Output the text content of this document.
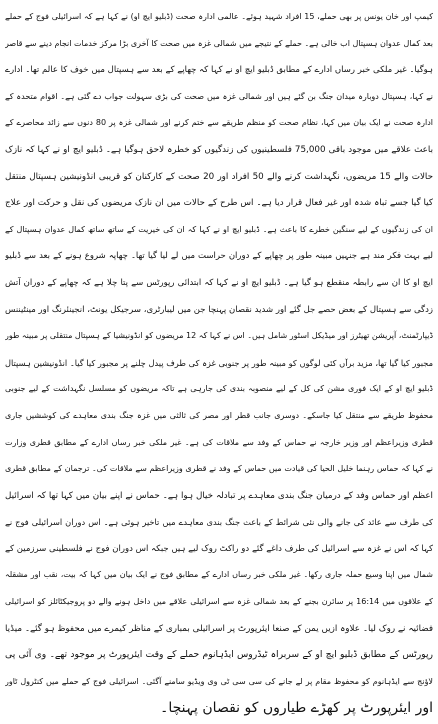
کیمپ اور خان یونس پر بھی حملے، 15 افراد شہید ہوئے۔ عالمی ادارہ صحت (ڈبلیو ایچ او) نے کہا ہے کہ اسرائیلی فوج کے حملے
بعد کمال عدوان ہسپتال اب خالی ہے۔ حملے کے نتیجے میں شمالی غزہ میں صحت کا آخری بڑا مرکز خدمات انجام دینے سے قاصر
ہوگیا۔ غیر ملکی خبر رساں ادارے کے مطابق ڈبلیو ایچ او نے کہا کہ چھاپے کے بعد سے ہسپتال میں خوف کا عالم تھا۔ ادارے
نے کہا، ہسپتال دوبارہ میدان جنگ بن گئے ہیں اور شمالی غزہ میں صحت کی بڑی سہولت جواب دے گئی ہے۔ اقوام متحدہ کے
ادارہ صحت نے ایک بیان میں کہا، نظام صحت کو منظم طریقے سے ختم کرنے اور شمالی غزہ پر 80 دنوں سے زائد محاصرے کے
باعث علاقے میں موجود باقی 75,000 فلسطینیوں کی زندگیوں کو خطرہ لاحق ہوگیا ہے۔ ڈبلیو ایچ او نے کہا کہ نازک
حالات والے 15 مریضوں، نگہداشت کرنے والے 50 افراد اور 20 صحت کے کارکنان کو قریبی انڈونیشین ہسپتال منتقل
کیا گیا جسے تباہ شدہ اور غیر فعال قرار دیا ہے۔ اس طرح کے حالات میں ان نازک مریضوں کی نقل و حرکت اور علاج
ان کی زندگیوں کے لیے سنگین خطرے کا باعث ہے۔ ڈبلیو ایچ او نے کہا کہ ان کی خیریت کے ساتھ ساتھ کمال عدوان ہسپتال کے
لیے بہت فکر مند ہے جنہیں مبینہ طور پر چھاپے کے دوران حراست میں لے لیا گیا تھا۔ چھاپہ شروع ہونے کے بعد سے ڈبلیو
ایچ او کا ان سے رابطہ منقطع ہو گیا ہے۔ ڈبلیو ایچ او نے کہا کہ ابتدائی رپورٹس سے پتا چلا ہے کہ چھاپے کے دوران آتش
زدگی سے ہسپتال کے بعض حصے جل گئے اور شدید نقصان پہنچا جن میں لیبارٹری، سرجیکل یونٹ، انجینئرنگ اور مینٹیننس
ڈیپارٹمنٹ، آپریشن تھیٹرز اور میڈیکل اسٹور شامل ہیں۔ اس نے کہا کہ 12 مریضوں کو انڈونیشیا کے ہسپتال منتقلی پر مبینہ طور
مجبور کیا گیا تھا، مزید برآں کئی لوگوں کو مبینہ طور پر جنوبی غزہ کی طرف پیدل چلنے پر مجبور کیا گیا۔ انڈونیشین ہسپتال
ڈبلیو ایچ او کے ایک فوری مشن کی کل کے لیے منصوبہ بندی کی جارہی ہے تاکہ مریضوں کو مسلسل نگہداشت کے لیے جنوبی
محفوظ طریقے سے منتقل کیا جاسکے۔ دوسری جانب قطر اور مصر کی ثالثی میں غزہ جنگ بندی معاہدے کی کوششیں جاری
قطری وزیراعظم اور وزیر خارجہ نے حماس کے وفد سے ملاقات کی ہے۔ غیر ملکی خبر رساں ادارے کے مطابق قطری وزارت
نے کہا کہ حماس رہنما خلیل الحیا کی قیادت میں حماس کے وفد نے قطری وزیراعظم سے ملاقات کی۔ ترجمان کے مطابق قطری
اعظم اور حماس وفد کے درمیان جنگ بندی معاہدے پر تبادلہ خیال ہوا ہے۔ حماس نے اپنے بیان میں کہا تھا کہ اسرائیل
کی طرف سے عائد کی جانے والی نئی شرائط کے باعث جنگ بندی معاہدے میں تاخیر ہوئی ہے۔ اس دوران اسرائیلی فوج نے
کہا کہ اس نے غزہ سے اسرائیل کی طرف داغے گئے دو راکٹ روک لیے ہیں جبکہ اس دوران فوج نے فلسطینی سرزمین کے
شمال میں اپنا وسیع حملہ جاری رکھا۔ غیر ملکی خبر رساں ادارے کے مطابق فوج نے ایک بیان میں کہا کہ بیت، نقب اور مشقلہ
کے علاقوں میں 16:14 پر سائرن بجنے کے بعد شمالی غزہ سے اسرائیلی علاقے میں داخل ہونے والے دو پروجیکٹائلز کو اسرائیلی
فضائیہ نے روک لیا۔ علاوہ ازیں یمن کے صنعا ایئرپورٹ پر اسرائیلی بمباری کے مناظر کیمرے میں محفوظ ہو گئے۔ میڈیا
رپورٹس کے مطابق ڈبلیو ایچ او کے سربراہ ٹیڈروس ایڈہانوم حملے کے وقت ایئرپورٹ پر موجود تھے۔ وی آئی پی
لاؤنج سے ایڈہانوم کو محفوظ مقام پر لے جانے کی سی سی ٹی وی ویڈیو سامنے آگئی۔ اسرائیلی فوج کے حملے میں کنٹرول ٹاور
اور ایئرپورٹ پر کھڑے طیاروں کو نقصان پہنچا۔
